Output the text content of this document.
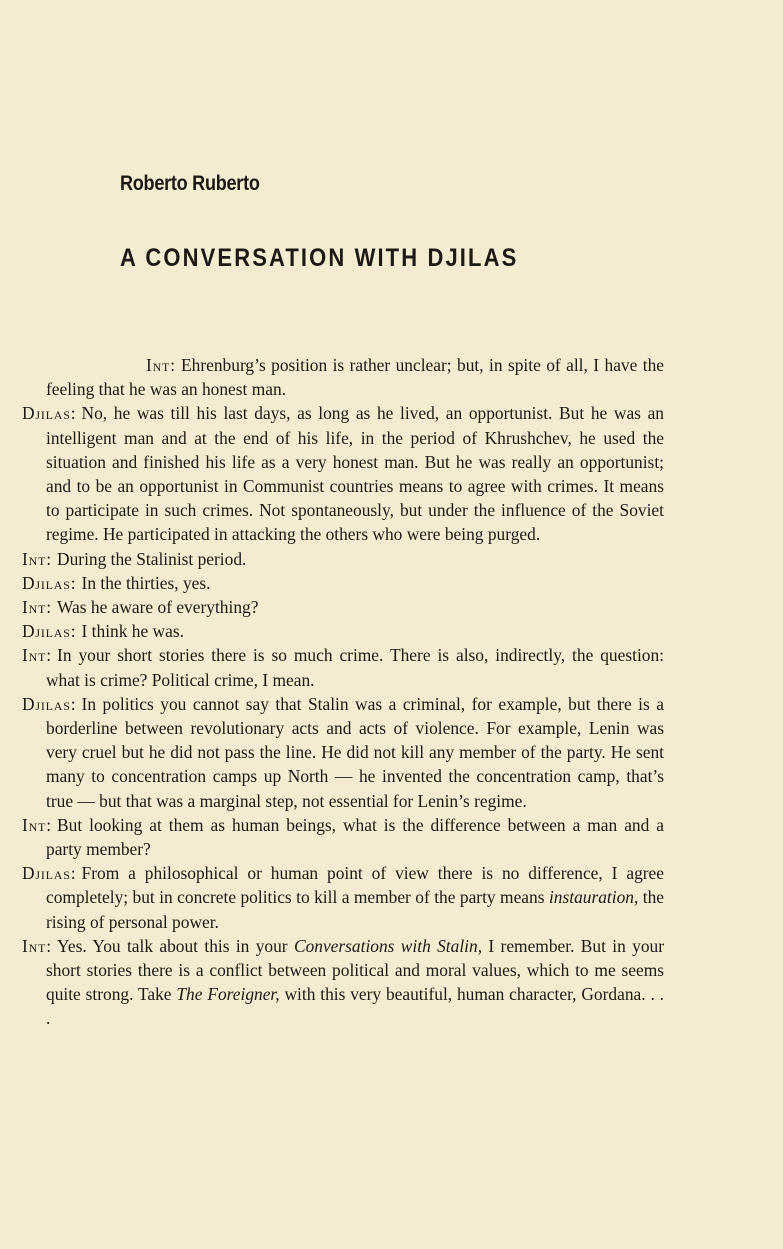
Roberto Ruberto
A CONVERSATION WITH DJILAS

Int: Ehrenburg’s position is rather unclear; but, in spite of all, I have the feeling that he was an honest man.

Djilas: No, he was till his last days, as long as he lived, an opportunist. But he was an intelligent man and at the end of his life, in the period of Khrushchev, he used the situation and finished his life as a very honest man. But he was really an opportunist; and to be an opportunist in Communist countries means to agree with crimes. It means to participate in such crimes. Not spontaneously, but under the influence of the Soviet regime. He participated in attacking the others who were being purged.

Int: During the Stalinist period.

Djilas: In the thirties, yes.

Int: Was he aware of everything?

Djilas: I think he was.

Int: In your short stories there is so much crime. There is also, indirectly, the question: what is crime? Political crime, I mean.

Djilas: In politics you cannot say that Stalin was a criminal, for example, but there is a borderline between revolutionary acts and acts of violence. For example, Lenin was very cruel but he did not pass the line. He did not kill any member of the party. He sent many to concentration camps up North — he invented the concentration camp, that’s true — but that was a marginal step, not essential for Lenin’s regime.

Int: But looking at them as human beings, what is the difference between a man and a party member?

Djilas: From a philosophical or human point of view there is no difference, I agree completely; but in concrete politics to kill a member of the party means instauration, the rising of personal power.

Int: Yes. You talk about this in your Conversations with Stalin, I remember. But in your short stories there is a conflict between political and moral values, which to me seems quite strong. Take The Foreigner, with this very beautiful, human character, Gordana. . . .
